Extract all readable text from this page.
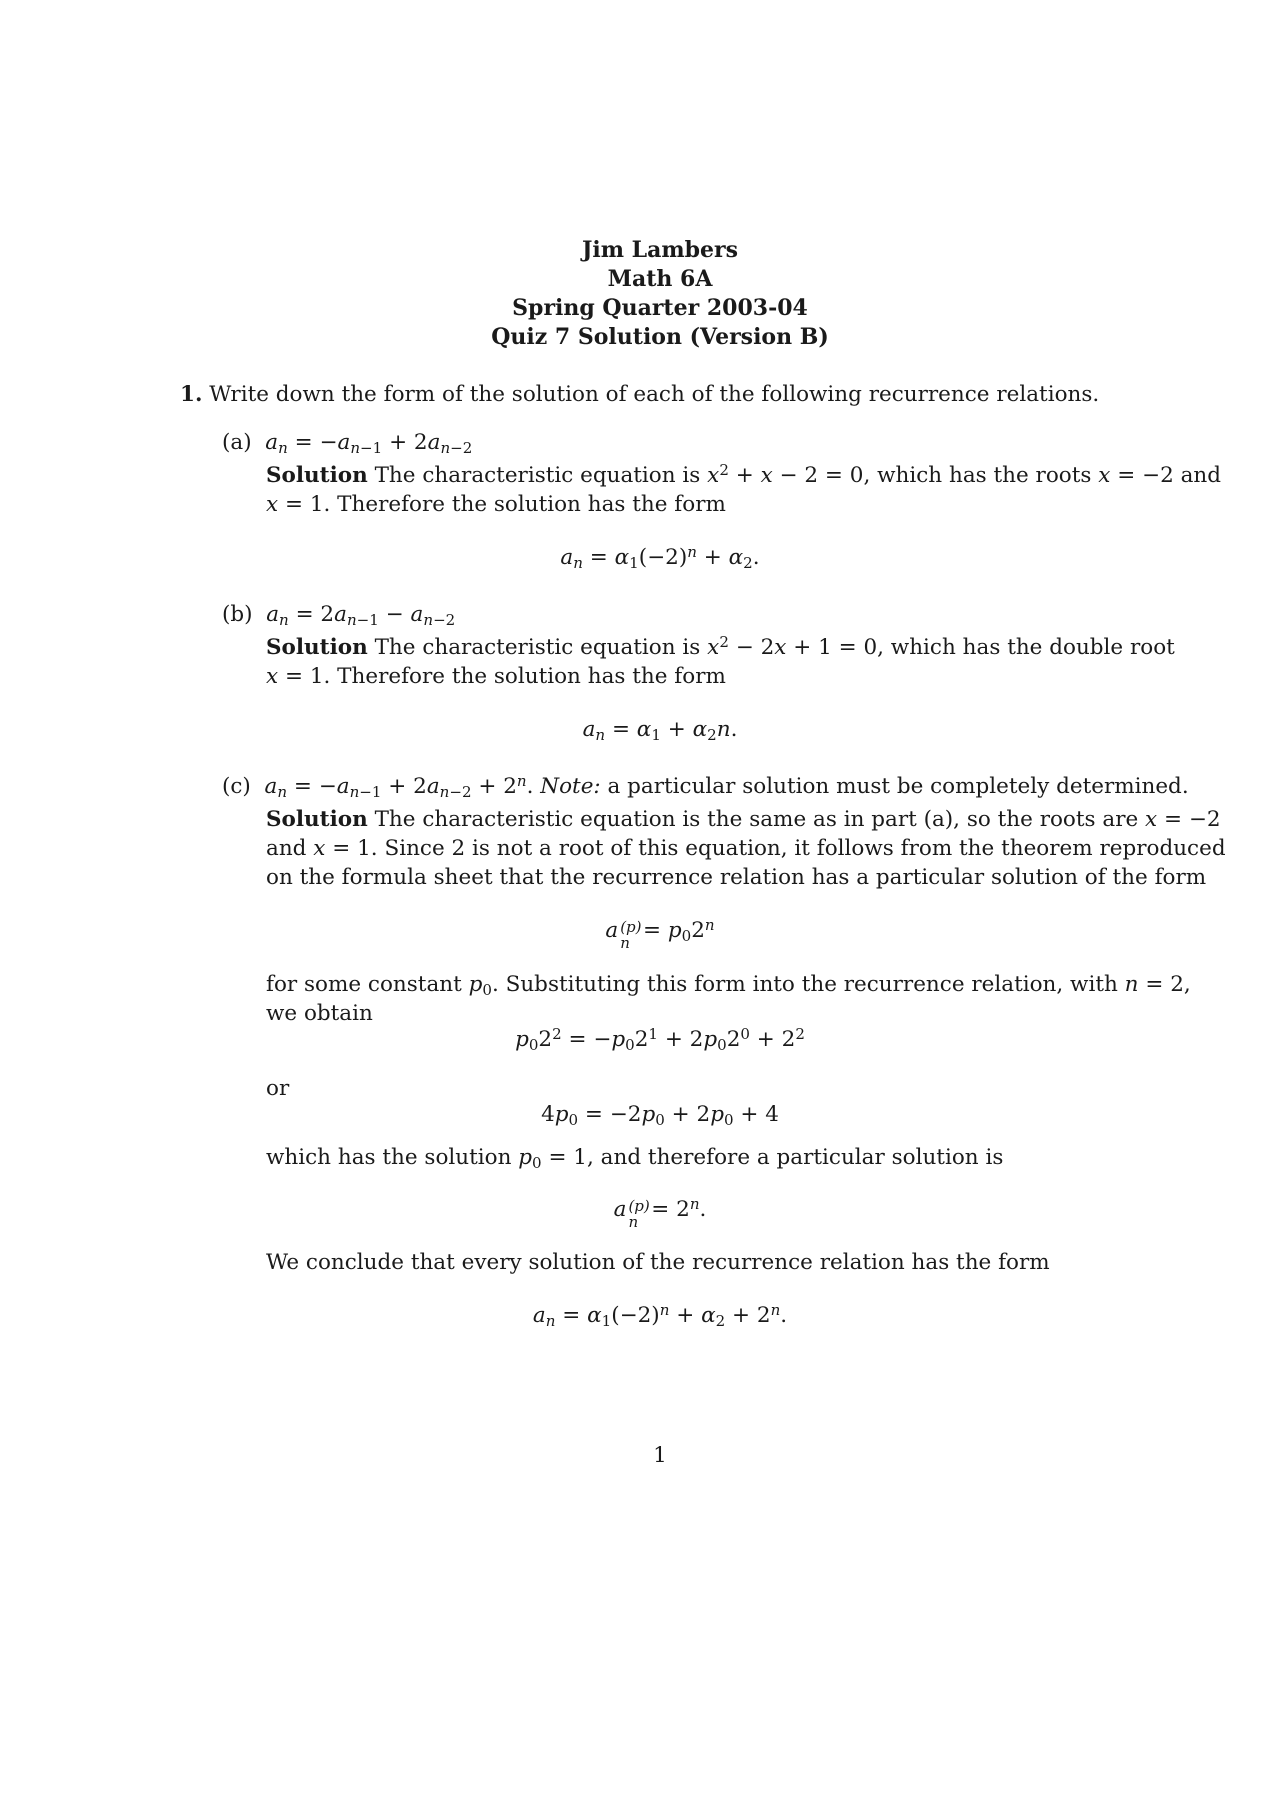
Jim Lambers
Math 6A
Spring Quarter 2003-04
Quiz 7 Solution (Version B)
1. Write down the form of the solution of each of the following recurrence relations.
(a) $a_n = -a_{n-1} + 2a_{n-2}$
Solution The characteristic equation is $x^2 + x - 2 = 0$, which has the roots x = −2 and
x = 1. Therefore the solution has the form
$a_n = \alpha_1(-2)^n + \alpha_2$.
(b) $a_n = 2a_{n-1} - a_{n-2}$
Solution The characteristic equation is $x^2 - 2x + 1 = 0$, which has the double root
x = 1. Therefore the solution has the form
$a_n = \alpha_1 + \alpha_2n$.
(c) $a_n = -a_{n-1} + 2a_{n-2} + 2^n$. Note: a particular solution must be completely determined.
Solution The characteristic equation is the same as in part (a), so the roots are x = −2
and x = 1. Since 2 is not a root of this equation, it follows from the theorem reproduced
on the formula sheet that the recurrence relation has a particular solution of the form
a (p)
$n = p_02^n$
for some constant $p_0$. Substituting this form into the recurrence relation, with n = 2,
we obtain
$p_02^2 = -p_02^1 + 2p_02^0 + 2^2$
or
$4p_0 = -2p_0 + 2p_0 + 4$
which has the solution $p_0 = 1$, and therefore a particular solution is
a (p)
$n = 2^n$.
We conclude that every solution of the recurrence relation has the form
$a_n = \alpha_1(-2)^n + \alpha_2 + 2^n$.
1
